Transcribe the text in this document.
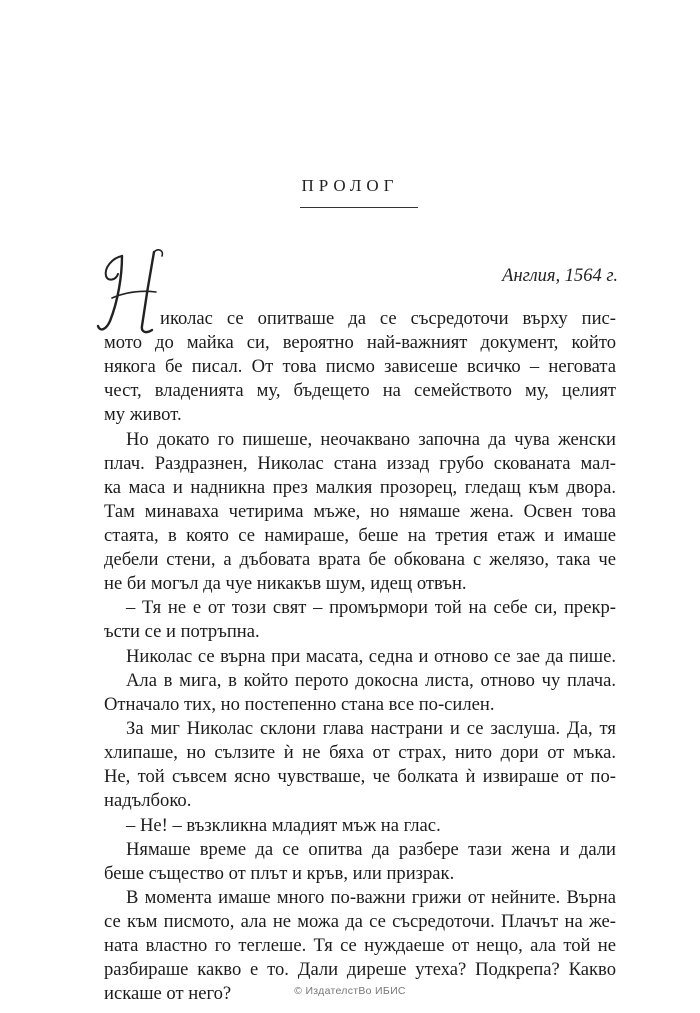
ПРОЛОГ
Англия, 1564 г.
иколас се опитваше да се съсредоточи върху пис-
мото до майка си, вероятно най-важният документ, който
някога бе писал. От това писмо зависеше всичко – неговата
чест, владенията му, бъдещето на семейството му, целият
му живот.
Но докато го пишеше, неочаквано започна да чува женски
плач. Раздразнен, Николас стана иззад грубо скованата мал-
ка маса и надникна през малкия прозорец, гледащ към двора.
Там минаваха четирима мъже, но нямаше жена. Освен това
стаята, в която се намираше, беше на третия етаж и имаше
дебели стени, а дъбовата врата бе обкована с желязо, така че
не би могъл да чуе никакъв шум, идещ отвън.
– Тя не е от този свят – промърмори той на себе си, прекр-
ъсти се и потръпна.
Николас се върна при масата, седна и отново се зае да пише.
Ала в мига, в който перото докосна листа, отново чу плача.
Отначало тих, но постепенно стана все по-силен.
За миг Николас склони глава настрани и се заслуша. Да, тя
хлипаше, но сълзите ѝ не бяха от страх, нито дори от мъка.
Не, той съвсем ясно чувстваше, че болката ѝ извираше от по-
надълбоко.
– Не! – възкликна младият мъж на глас.
Нямаше време да се опитва да разбере тази жена и дали
беше същество от плът и кръв, или призрак.
В момента имаше много по-важни грижи от нейните. Върна
се към писмото, ала не можа да се съсредоточи. Плачът на же-
ната властно го теглеше. Тя се нуждаеше от нещо, ала той не
разбираше какво е то. Дали диреше утеха? Подкрепа? Какво
искаше от него?	© ИздателстВо ИБИС
